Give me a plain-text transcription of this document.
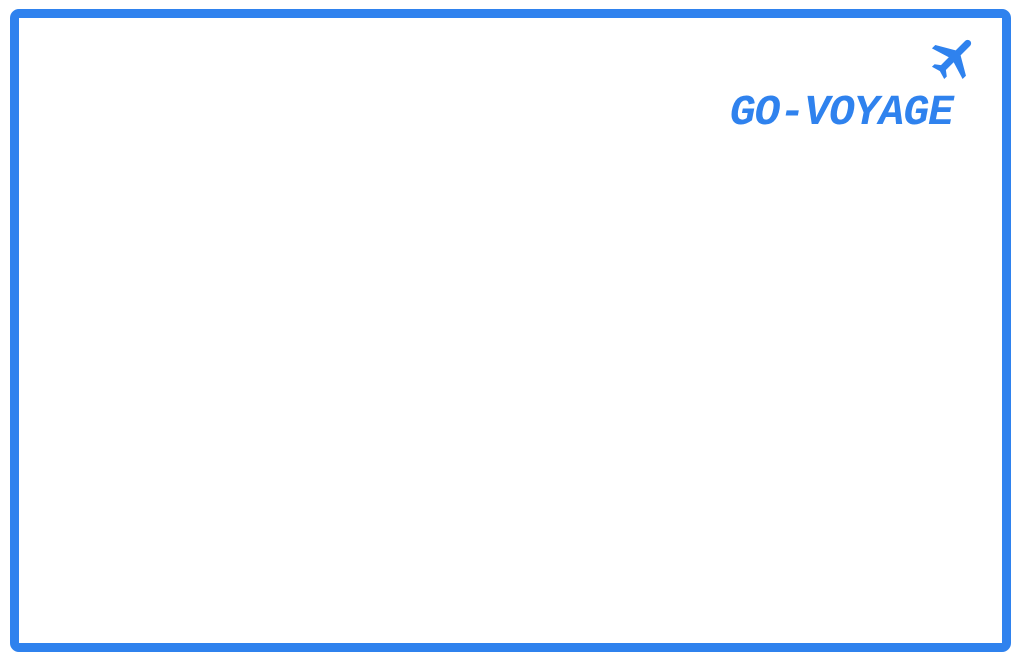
GO-VOYAGE
